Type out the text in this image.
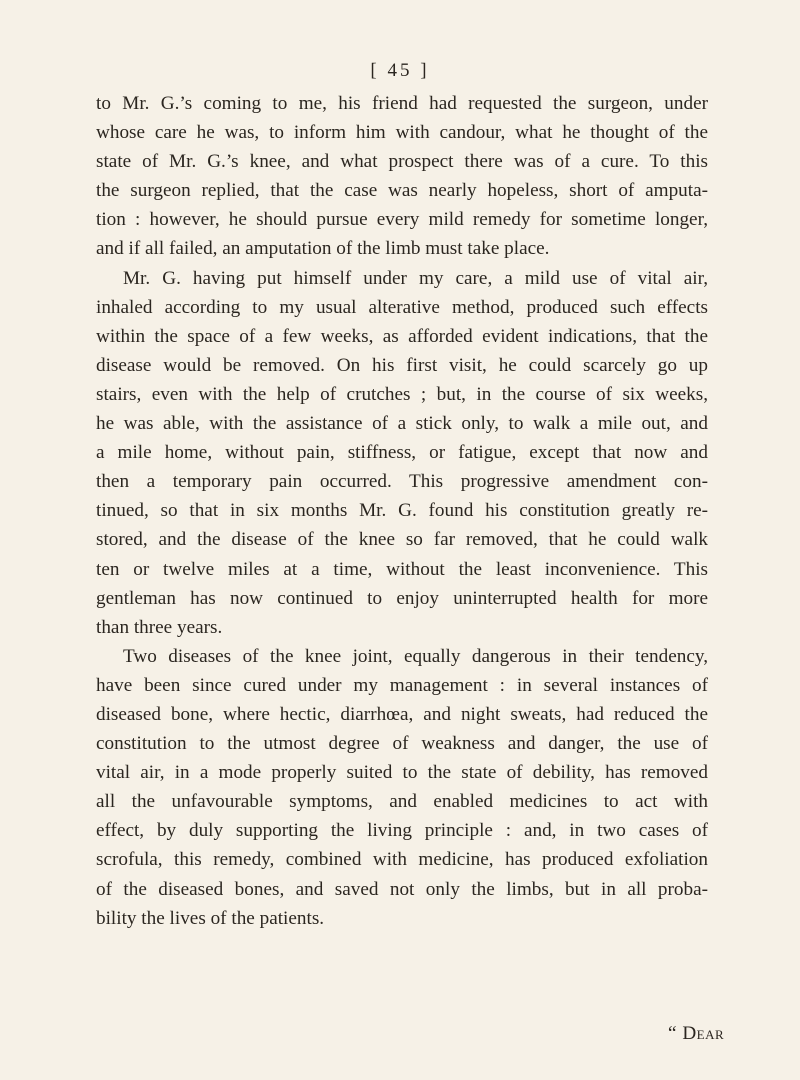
[ 45 ]
to Mr. G.’s coming to me, his friend had requested the surgeon, under
whose care he was, to inform him with candour, what he thought of the
state of Mr. G.’s knee, and what prospect there was of a cure. To this
the surgeon replied, that the case was nearly hopeless, short of amputa-
tion : however, he should pursue every mild remedy for sometime longer,
and if all failed, an amputation of the limb must take place.
Mr. G. having put himself under my care, a mild use of vital air,
inhaled according to my usual alterative method, produced such effects
within the space of a few weeks, as afforded evident indications, that the
disease would be removed. On his first visit, he could scarcely go up
stairs, even with the help of crutches ; but, in the course of six weeks,
he was able, with the assistance of a stick only, to walk a mile out, and
a mile home, without pain, stiffness, or fatigue, except that now and
then a temporary pain occurred. This progressive amendment con-
tinued, so that in six months Mr. G. found his constitution greatly re-
stored, and the disease of the knee so far removed, that he could walk
ten or twelve miles at a time, without the least inconvenience. This
gentleman has now continued to enjoy uninterrupted health for more
than three years.
Two diseases of the knee joint, equally dangerous in their tendency,
have been since cured under my management : in several instances of
diseased bone, where hectic, diarrhœa, and night sweats, had reduced the
constitution to the utmost degree of weakness and danger, the use of
vital air, in a mode properly suited to the state of debility, has removed
all the unfavourable symptoms, and enabled medicines to act with
effect, by duly supporting the living principle : and, in two cases of
scrofula, this remedy, combined with medicine, has produced exfoliation
of the diseased bones, and saved not only the limbs, but in all proba-
bility the lives of the patients.
“ Dear
